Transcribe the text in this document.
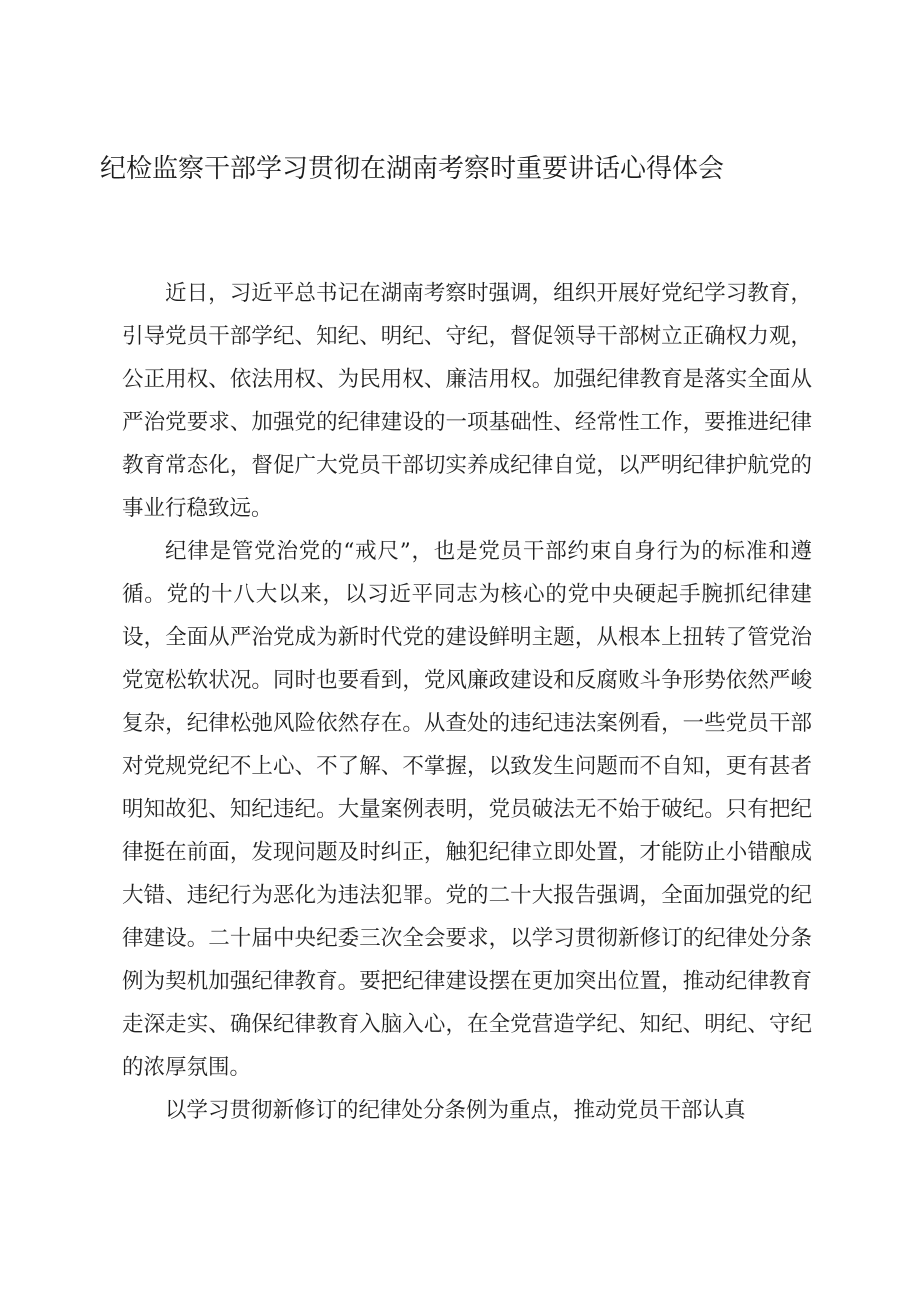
纪检监察干部学习贯彻在湖南考察时重要讲话心得体会

近日，习近平总书记在湖南考察时强调，组织开展好党纪学习教育，引导党员干部学纪、知纪、明纪、守纪，督促领导干部树立正确权力观，公正用权、依法用权、为民用权、廉洁用权。加强纪律教育是落实全面从严治党要求、加强党的纪律建设的一项基础性、经常性工作，要推进纪律教育常态化，督促广大党员干部切实养成纪律自觉，以严明纪律护航党的事业行稳致远。

纪律是管党治党的“戒尺”，也是党员干部约束自身行为的标准和遵循。党的十八大以来，以习近平同志为核心的党中央硬起手腕抓纪律建设，全面从严治党成为新时代党的建设鲜明主题，从根本上扭转了管党治党宽松软状况。同时也要看到，党风廉政建设和反腐败斗争形势依然严峻复杂，纪律松弛风险依然存在。从查处的违纪违法案例看，一些党员干部对党规党纪不上心、不了解、不掌握，以致发生问题而不自知，更有甚者明知故犯、知纪违纪。大量案例表明，党员破法无不始于破纪。只有把纪律挺在前面，发现问题及时纠正，触犯纪律立即处置，才能防止小错酿成大错、违纪行为恶化为违法犯罪。党的二十大报告强调，全面加强党的纪律建设。二十届中央纪委三次全会要求，以学习贯彻新修订的纪律处分条例为契机加强纪律教育。要把纪律建设摆在更加突出位置，推动纪律教育走深走实、确保纪律教育入脑入心，在全党营造学纪、知纪、明纪、守纪的浓厚氛围。

以学习贯彻新修订的纪律处分条例为重点，推动党员干部认真
